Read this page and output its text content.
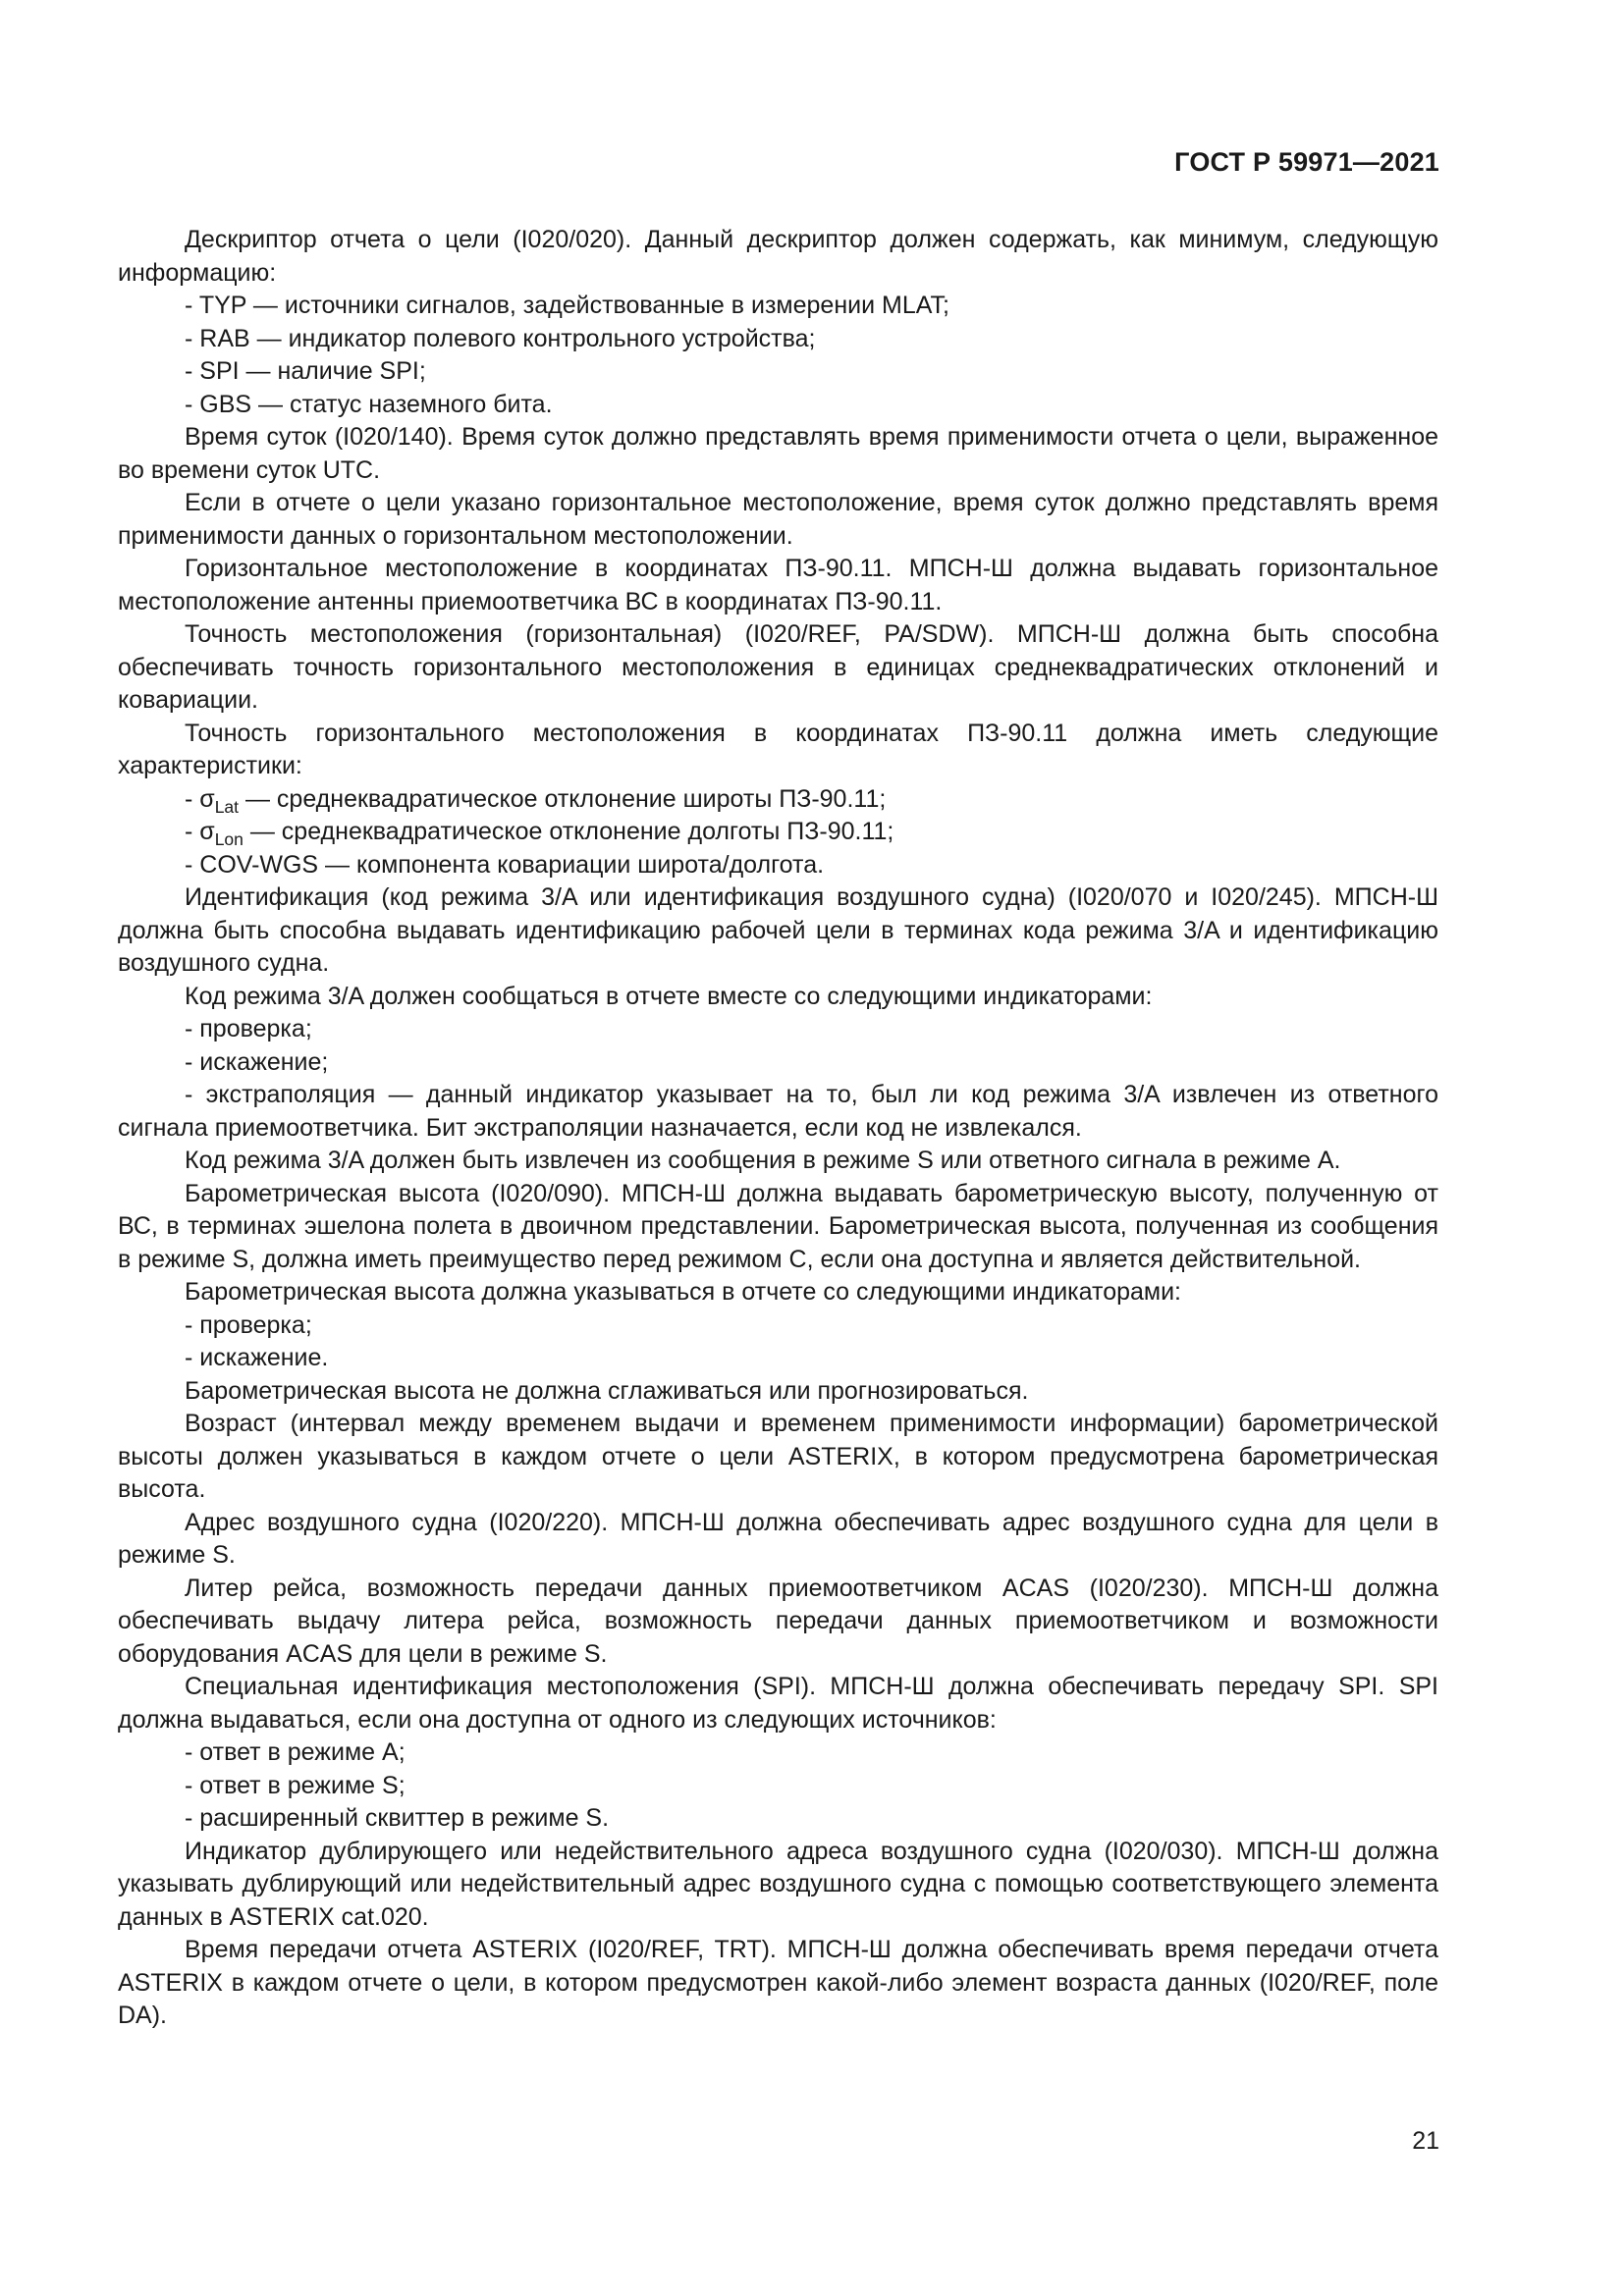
ГОСТ Р 59971—2021

Дескриптор отчета о цели (I020/020). Данный дескриптор должен содержать, как минимум, следующую информацию:

- TYP — источники сигналов, задействованные в измерении MLAT;

- RAB — индикатор полевого контрольного устройства;

- SPI — наличие SPI;

- GBS — статус наземного бита.

Время суток (I020/140). Время суток должно представлять время применимости отчета о цели, выраженное во времени суток UTC.

Если в отчете о цели указано горизонтальное местоположение, время суток должно представлять время применимости данных о горизонтальном местоположении.

Горизонтальное местоположение в координатах ПЗ-90.11. МПСН-Ш должна выдавать горизонтальное местоположение антенны приемоответчика ВС в координатах ПЗ-90.11.

Точность местоположения (горизонтальная) (I020/REF, PA/SDW). МПСН-Ш должна быть способна обеспечивать точность горизонтального местоположения в единицах среднеквадратических отклонений и ковариации.

Точность горизонтального местоположения в координатах ПЗ-90.11 должна иметь следующие характеристики:

- $\sigma_{Lat}$ — среднеквадратическое отклонение широты ПЗ-90.11;

- $\sigma_{Lon}$ — среднеквадратическое отклонение долготы ПЗ-90.11;

- COV-WGS — компонента ковариации широта/долгота.

Идентификация (код режима 3/A или идентификация воздушного судна) (I020/070 и I020/245). МПСН-Ш должна быть способна выдавать идентификацию рабочей цели в терминах кода режима 3/A и идентификацию воздушного судна.

Код режима 3/A должен сообщаться в отчете вместе со следующими индикаторами:

- проверка;

- искажение;

- экстраполяция — данный индикатор указывает на то, был ли код режима 3/A извлечен из ответного сигнала приемоответчика. Бит экстраполяции назначается, если код не извлекался.

Код режима 3/A должен быть извлечен из сообщения в режиме S или ответного сигнала в режиме A.

Барометрическая высота (I020/090). МПСН-Ш должна выдавать барометрическую высоту, полученную от ВС, в терминах эшелона полета в двоичном представлении. Барометрическая высота, полученная из сообщения в режиме S, должна иметь преимущество перед режимом C, если она доступна и является действительной.

Барометрическая высота должна указываться в отчете со следующими индикаторами:

- проверка;

- искажение.

Барометрическая высота не должна сглаживаться или прогнозироваться.

Возраст (интервал между временем выдачи и временем применимости информации) барометрической высоты должен указываться в каждом отчете о цели ASTERIX, в котором предусмотрена барометрическая высота.

Адрес воздушного судна (I020/220). МПСН-Ш должна обеспечивать адрес воздушного судна для цели в режиме S.

Литер рейса, возможность передачи данных приемоответчиком ACAS (I020/230). МПСН-Ш должна обеспечивать выдачу литера рейса, возможность передачи данных приемоответчиком и возможности оборудования ACAS для цели в режиме S.

Специальная идентификация местоположения (SPI). МПСН-Ш должна обеспечивать передачу SPI. SPI должна выдаваться, если она доступна от одного из следующих источников:

- ответ в режиме A;

- ответ в режиме S;

- расширенный сквиттер в режиме S.

Индикатор дублирующего или недействительного адреса воздушного судна (I020/030). МПСН-Ш должна указывать дублирующий или недействительный адрес воздушного судна с помощью соответствующего элемента данных в ASTERIX cat.020.

Время передачи отчета ASTERIX (I020/REF, TRT). МПСН-Ш должна обеспечивать время передачи отчета ASTERIX в каждом отчете о цели, в котором предусмотрен какой-либо элемент возраста данных (I020/REF, поле DA).

21
